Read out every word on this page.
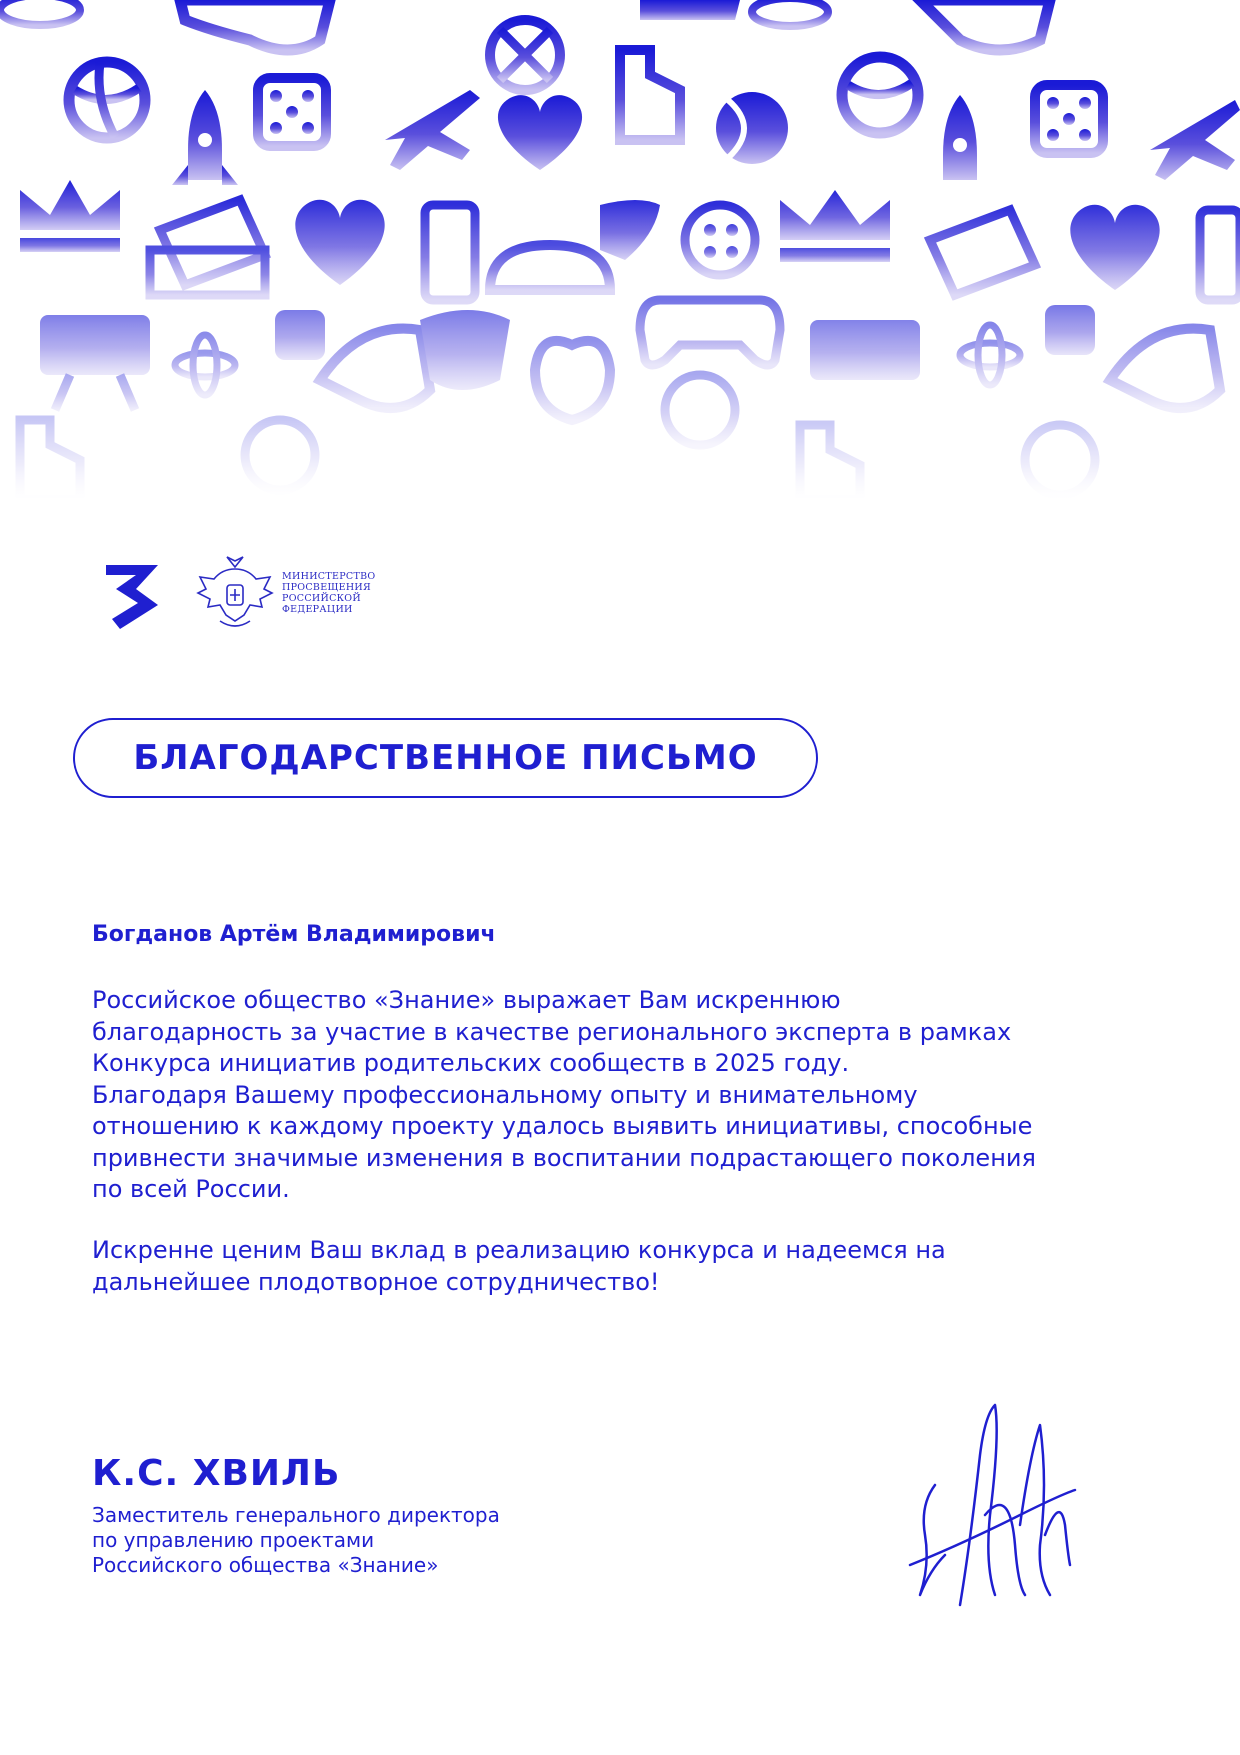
МИНИСТЕРСТВО
ПРОСВЕЩЕНИЯ
РОССИЙСКОЙ
ФЕДЕРАЦИИ
БЛАГОДАРСТВЕННОЕ ПИСЬМО
Богданов Артём Владимирович
Российское общество «Знание» выражает Вам искреннюю
благодарность за участие в качестве регионального эксперта в рамках
Конкурса инициатив родительских сообществ в 2025 году.
Благодаря Вашему профессиональному опыту и внимательному
отношению к каждому проекту удалось выявить инициативы, способные
привнести значимые изменения в воспитании подрастающего поколения
по всей России.
Искренне ценим Ваш вклад в реализацию конкурса и надеемся на
дальнейшее плодотворное сотрудничество!
К.С. ХВИЛЬ
Заместитель генерального директора
по управлению проектами
Российского общества «Знание»
